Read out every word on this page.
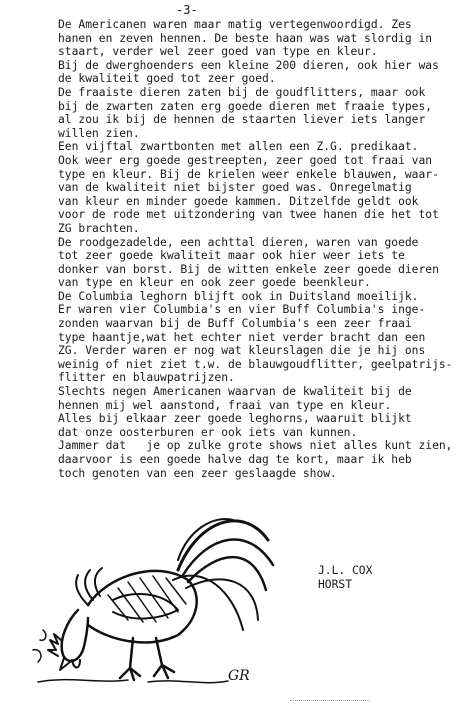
-3-
De Americanen waren maar matig vertegenwoordigd. Zes
hanen en zeven hennen. De beste haan was wat slordig in
staart, verder wel zeer goed van type en kleur.
Bij de dwerghoenders een kleine 200 dieren, ook hier was
de kwaliteit goed tot zeer goed.
De fraaiste dieren zaten bij de goudflitters, maar ook
bij de zwarten zaten erg goede dieren met fraaie types,
al zou ik bij de hennen de staarten liever iets langer
willen zien.
Een vijftal zwartbonten met allen een Z.G. predikaat.
Ook weer erg goede gestreepten, zeer goed tot fraai van
type en kleur. Bij de krielen weer enkele blauwen, waar-
van de kwaliteit niet bijster goed was. Onregelmatig
van kleur en minder goede kammen. Ditzelfde geldt ook
voor de rode met uitzondering van twee hanen die het tot
ZG brachten.
De roodgezadelde, een achttal dieren, waren van goede
tot zeer goede kwaliteit maar ook hier weer iets te
donker van borst. Bij de witten enkele zeer goede dieren
van type en kleur en ook zeer goede beenkleur.
De Columbia leghorn blijft ook in Duitsland moeilijk.
Er waren vier Columbia's en vier Buff Columbia's inge-
zonden waarvan bij de Buff Columbia's een zeer fraai
type haantje,wat het echter niet verder bracht dan een
ZG. Verder waren er nog wat kleurslagen die je hij ons
weinig of niet ziet t.w. de blauwgoudflitter, geelpatrijs-
flitter en blauwpatrijzen.
Slechts negen Americanen waarvan de kwaliteit bij de
hennen mij wel aanstond, fraai van type en kleur.
Alles bij elkaar zeer goede leghorns, waaruit blijkt
dat onze oosterburen er ook iets van kunnen.
Jammer dat   je op zulke grote shows niet alles kunt zien,
daarvoor is een goede halve dag te kort, maar ik heb
toch genoten van een zeer geslaagde show.
GR
J.L. COX
HORST
